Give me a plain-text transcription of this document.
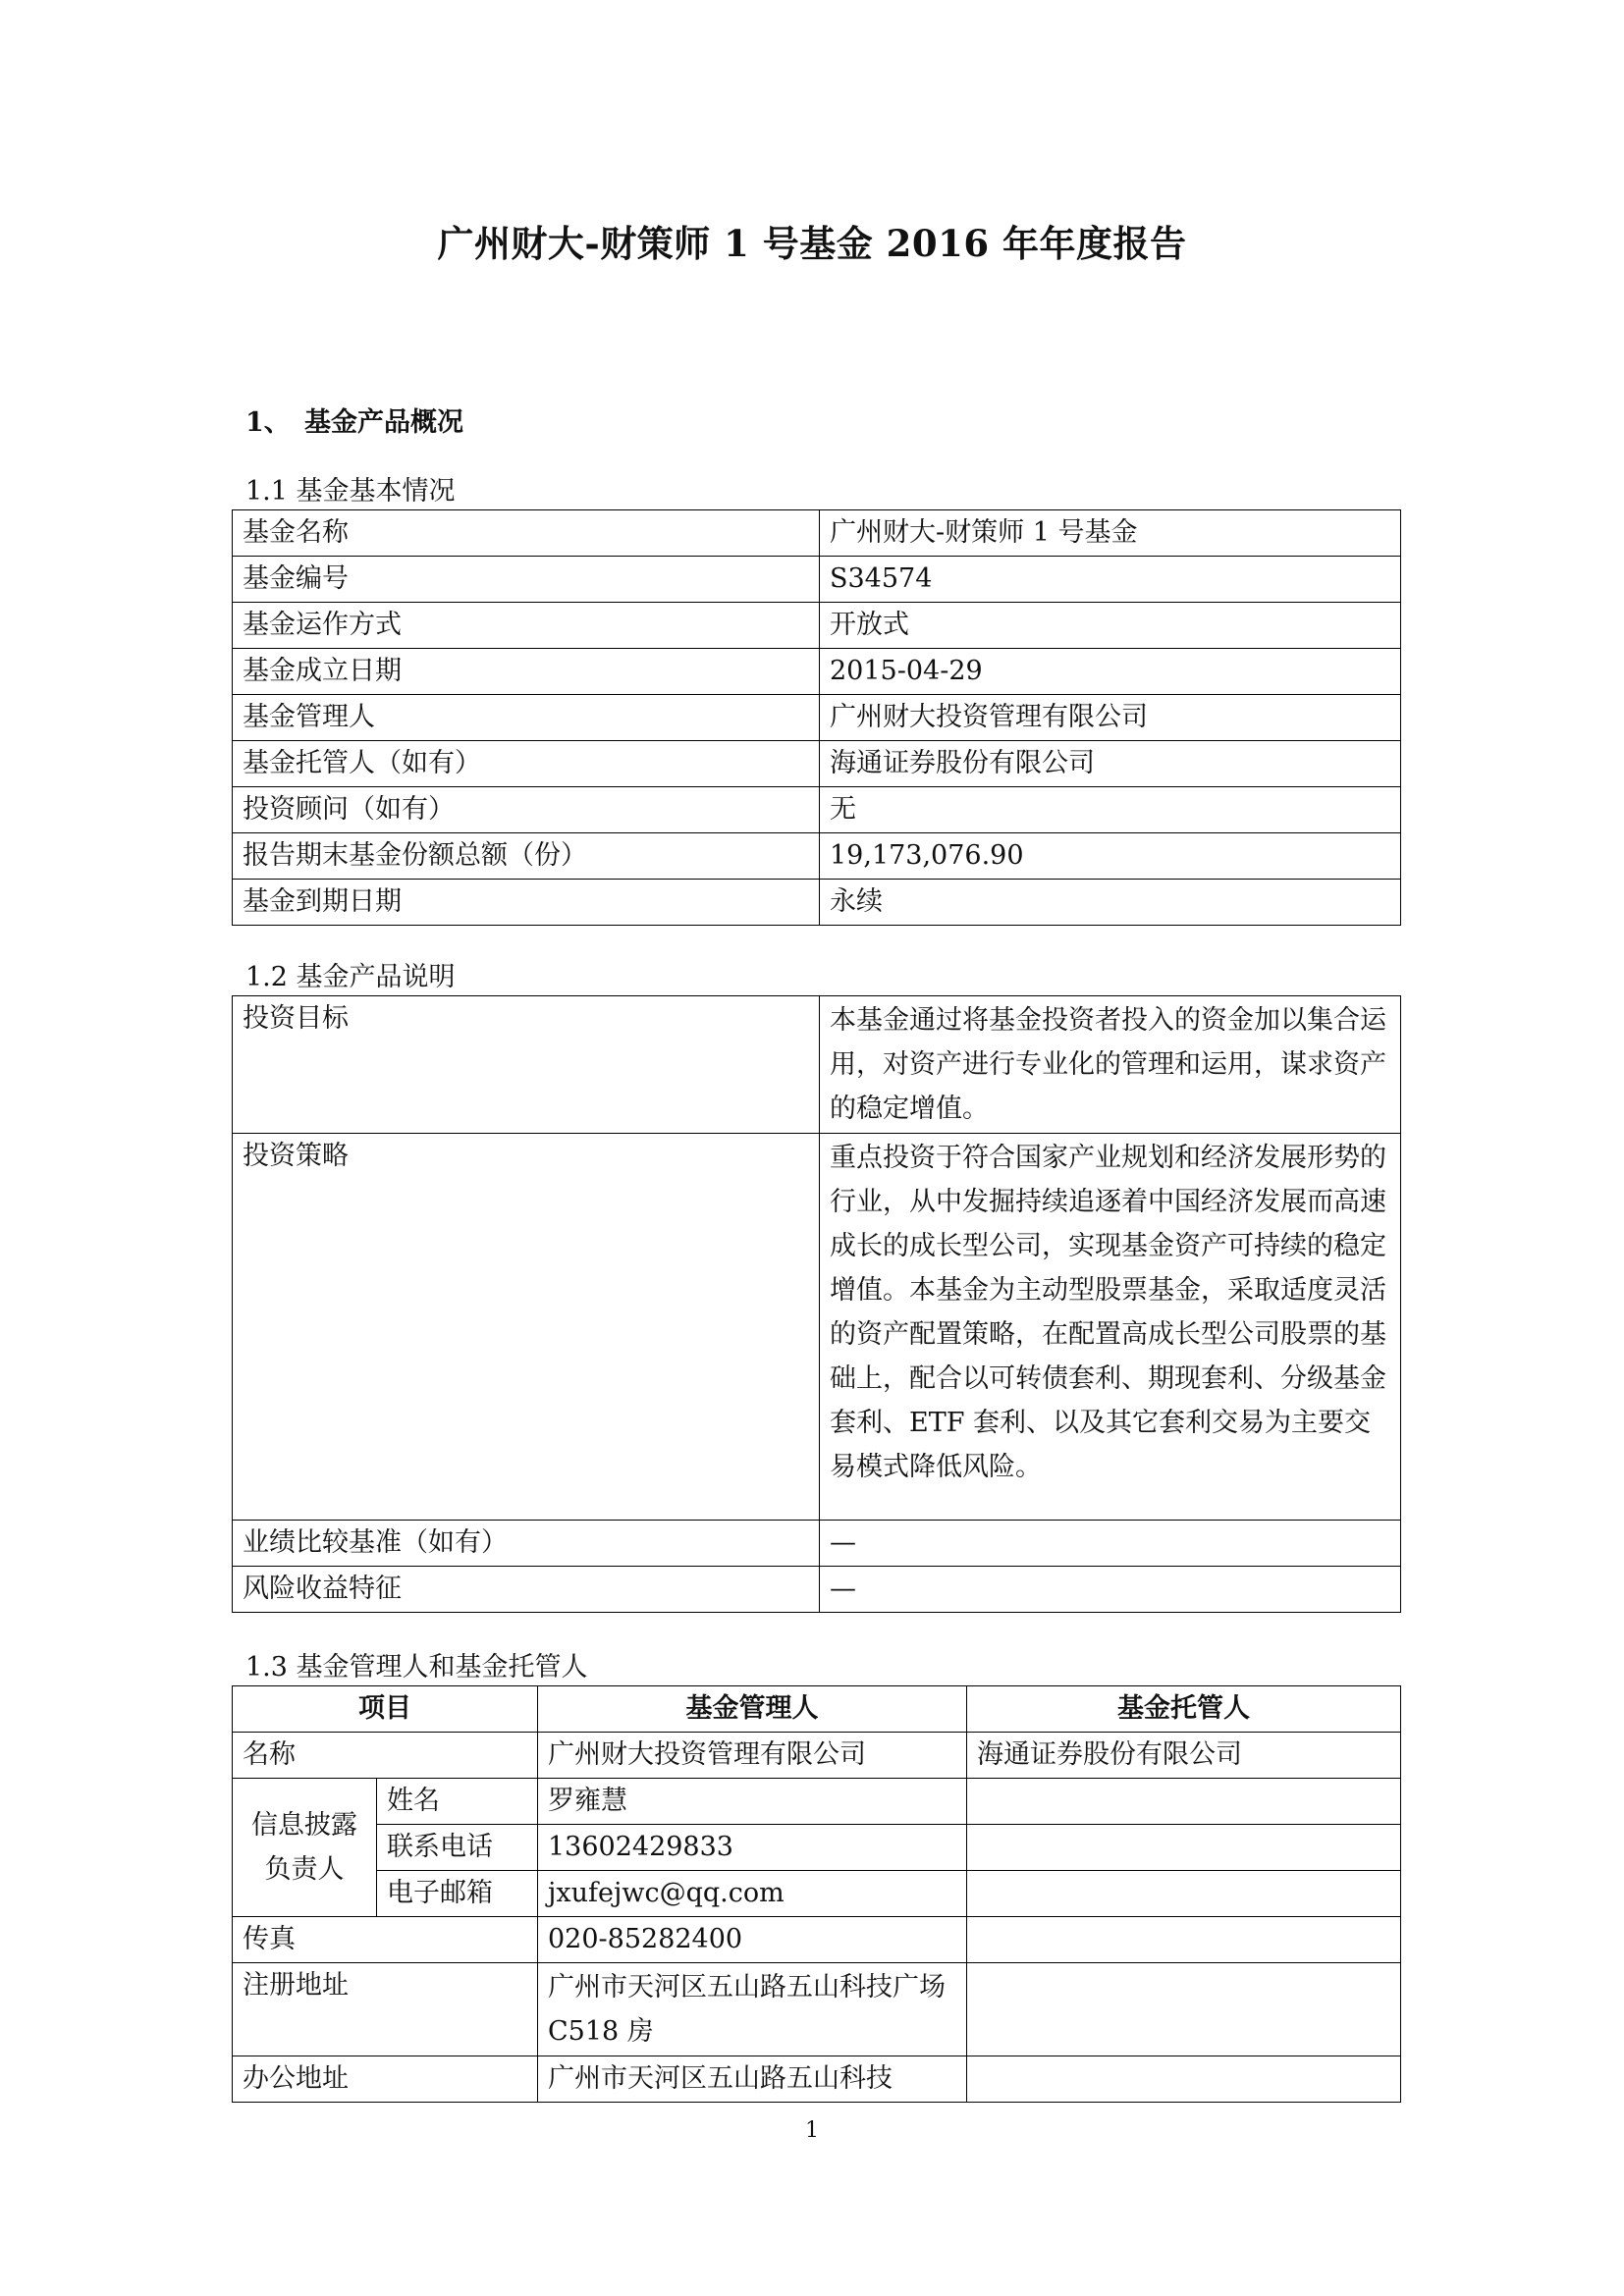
广州财大-财策师 1 号基金 2016 年年度报告
1、 基金产品概况
1.1 基金基本情况
基金名称	广州财大-财策师 1 号基金
基金编号	S34574
基金运作方式	开放式
基金成立日期	2015-04-29
基金管理人	广州财大投资管理有限公司
基金托管人（如有）	海通证券股份有限公司
投资顾问（如有）	无
报告期末基金份额总额（份）	19,173,076.90
基金到期日期	永续
1.2 基金产品说明
投资目标	本基金通过将基金投资者投入的资金加以集合运用，对资产进行专业化的管理和运用，谋求资产的稳定增值。
投资策略	重点投资于符合国家产业规划和经济发展形势的行业，从中发掘持续追逐着中国经济发展而高速成长的成长型公司，实现基金资产可持续的稳定增值。本基金为主动型股票基金，采取适度灵活的资产配置策略，在配置高成长型公司股票的基础上，配合以可转债套利、期现套利、分级基金套利、ETF 套利、以及其它套利交易为主要交易模式降低风险。
业绩比较基准（如有）	—
风险收益特征	—
1.3 基金管理人和基金托管人
项目		基金管理人	基金托管人
名称		广州财大投资管理有限公司	海通证券股份有限公司
信息披露负责人	姓名	罗雍慧	
	联系电话	13602429833	
	电子邮箱	jxufejwc@qq.com	
传真		020-85282400	
注册地址		广州市天河区五山路五山科技广场 C518 房	
办公地址		广州市天河区五山路五山科技	
1
